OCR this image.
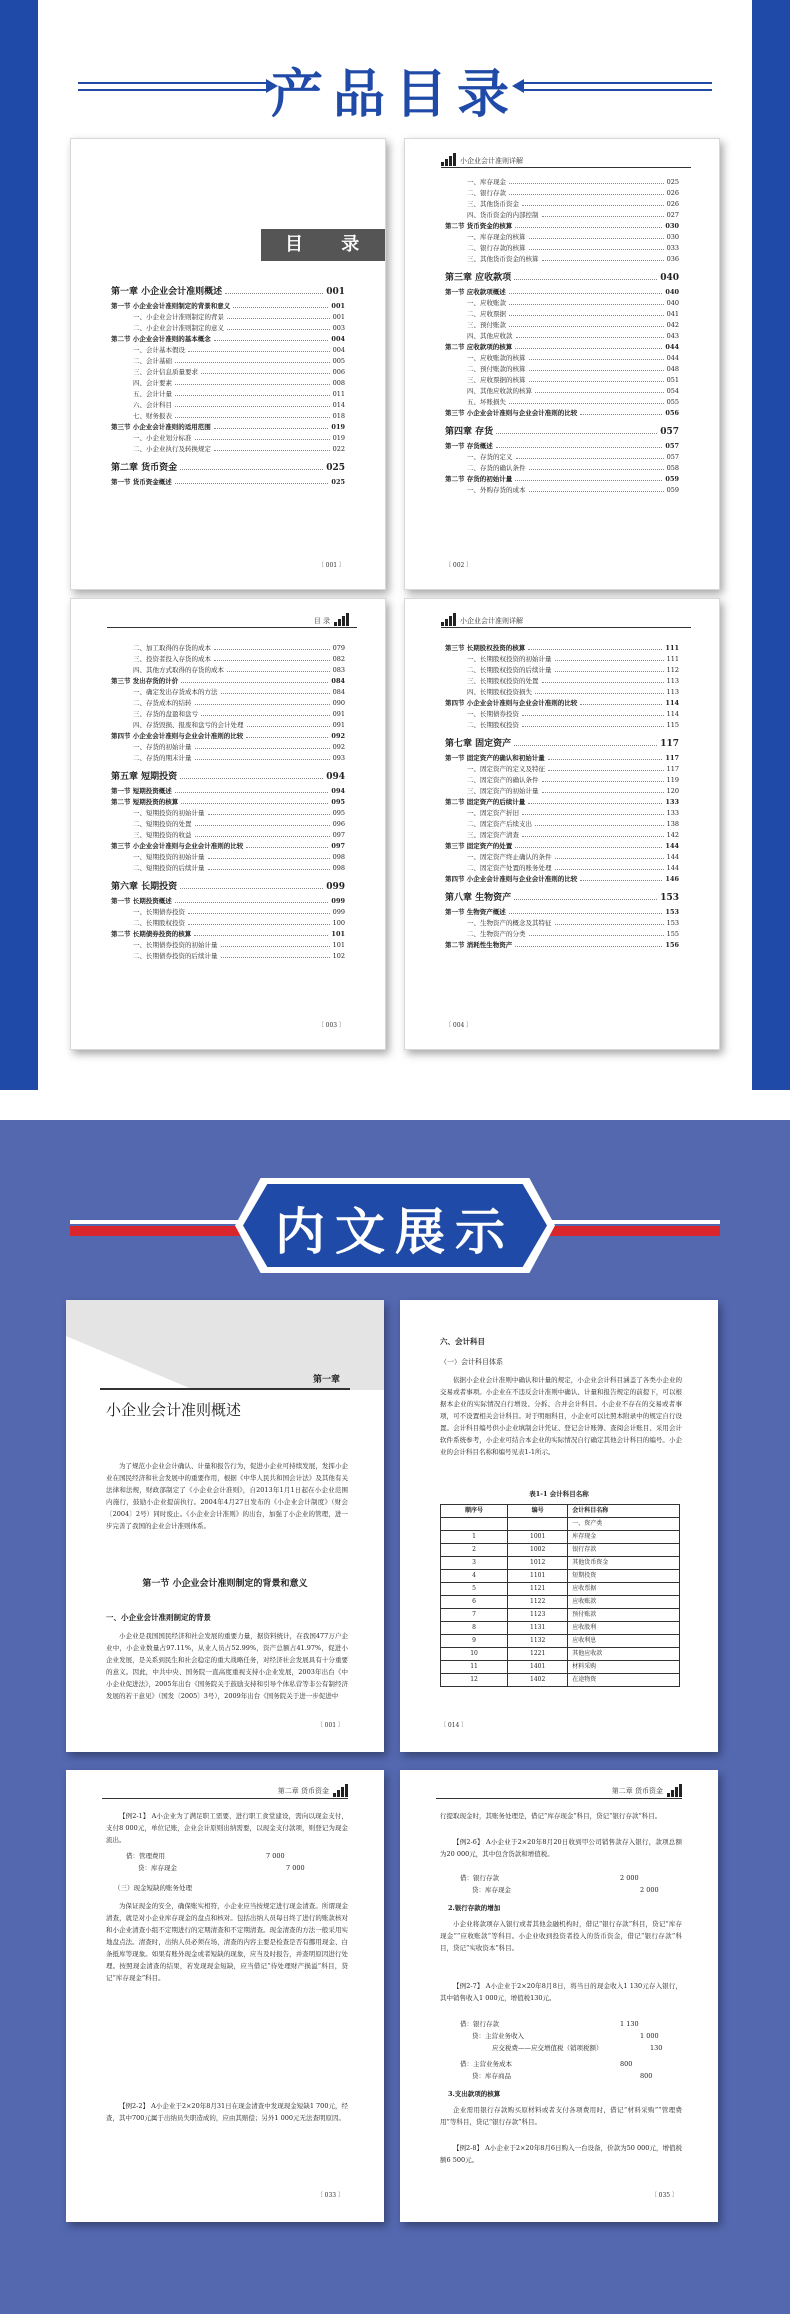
产品目录
目 录
第一章 小企业会计准则概述	001
第一节 小企业会计准则制定的背景和意义	001
一、小企业会计准则制定的背景	001
二、小企业会计准则制定的意义	003
第二节 小企业会计准则的基本概念	004
一、会计基本假设	004
二、会计基础	005
三、会计信息质量要求	006
四、会计要素	008
五、会计计量	011
六、会计科目	014
七、财务报表	018
第三节 小企业会计准则的适用范围	019
一、小企业划分标准	019
二、小企业执行及转换规定	022
第二章 货币资金	025
第一节 货币资金概述	025
〔 001 〕
小企业会计准则详解
一、库存现金	025
二、银行存款	026
三、其他货币资金	026
四、货币资金的内部控制	027
第二节 货币资金的核算	030
一、库存现金的核算	030
二、银行存款的核算	033
三、其他货币资金的核算	036
第三章 应收款项	040
第一节 应收款项概述	040
一、应收账款	040
二、应收票据	041
三、预付账款	042
四、其他应收款	043
第二节 应收款项的核算	044
一、应收账款的核算	044
二、预付账款的核算	048
三、应收票据的核算	051
四、其他应收款的核算	054
五、坏账损失	055
第三节 小企业会计准则与企业会计准则的比较	056
第四章 存货	057
第一节 存货概述	057
一、存货的定义	057
二、存货的确认条件	058
第二节 存货的初始计量	059
一、外购存货的成本	059
〔 002 〕
目 录
二、加工取得的存货的成本	079
三、投资者投入存货的成本	082
四、其他方式取得的存货的成本	083
第三节 发出存货的计价	084
一、确定发出存货成本的方法	084
二、存货成本的结转	090
三、存货的盘盈和盘亏	091
四、存货毁损、报废和盘亏的会计处理	091
第四节 小企业会计准则与企业会计准则的比较	092
一、存货的初始计量	092
二、存货的期末计量	093
第五章 短期投资	094
第一节 短期投资概述	094
第二节 短期投资的核算	095
一、短期投资的初始计量	095
二、短期投资的处置	096
三、短期投资的收益	097
第三节 小企业会计准则与企业会计准则的比较	097
一、短期投资的初始计量	098
二、短期投资的后续计量	098
第六章 长期投资	099
第一节 长期投资概述	099
一、长期债券投资	099
二、长期股权投资	100
第二节 长期债券投资的核算	101
一、长期债券投资的初始计量	101
二、长期债券投资的后续计量	102
〔 003 〕
小企业会计准则详解
第三节 长期股权投资的核算	111
一、长期股权投资的初始计量	111
二、长期股权投资的后续计量	112
三、长期股权投资的处置	113
四、长期股权投资损失	113
第四节 小企业会计准则与企业会计准则的比较	114
一、长期债券投资	114
二、长期股权投资	115
第七章 固定资产	117
第一节 固定资产的确认和初始计量	117
一、固定资产的定义及特征	117
二、固定资产的确认条件	119
三、固定资产的初始计量	120
第二节 固定资产的后续计量	133
一、固定资产折旧	133
二、固定资产后续支出	138
三、固定资产清查	142
第三节 固定资产的处置	144
一、固定资产终止确认的条件	144
二、固定资产处置的账务处理	144
第四节 小企业会计准则与企业会计准则的比较	146
第八章 生物资产	153
第一节 生物资产概述	153
一、生物资产的概念及其特征	153
二、生物资产的分类	155
第二节 消耗性生物资产	156
〔 004 〕
内文展示
第一章
小企业会计准则概述
为了规范小企业会计确认、计量和报告行为，促进小企业可持续发展，发挥小企业在国民经济和社会发展中的重要作用，根据《中华人民共和国会计法》及其他有关法律和法规，财政部制定了《小企业会计准则》，自2013年1月1日起在小企业范围内施行，鼓励小企业提前执行。2004年4月27日发布的《小企业会计制度》（财会〔2004〕2号）同时废止。《小企业会计准则》的出台，加强了小企业的管理，进一步完善了我国的企业会计准则体系。
第一节 小企业会计准则制定的背景和意义
一、小企业会计准则制定的背景
小企业是我国国民经济和社会发展的重要力量，据资料统计，在我国477万户企业中，小企业数量占97.11%，从业人员占52.99%，资产总额占41.97%，促进小企业发展，是关系到民生和社会稳定的重大战略任务，对经济社会发展具有十分重要的意义。因此，中共中央、国务院一直高度重视支持小企业发展，2003年出台《中小企业促进法》，2005年出台《国务院关于鼓励支持和引导个体私营等非公有制经济发展的若干意见》（国发〔2005〕3号），2009年出台《国务院关于进一步促进中
〔 001 〕
六、会计科目
（一）会计科目体系
依据小企业会计准则中确认和计量的规定，小企业会计科目涵盖了各类小企业的交易或者事项。小企业在不违反会计准则中确认、计量和报告规定的前提下，可以根据本企业的实际情况自行增设、分拆、合并会计科目。小企业不存在的交易或者事项，可不设置相关会计科目。对于明细科目，小企业可以比照本附录中的规定自行设置。会计科目编号供小企业填制会计凭证、登记会计账簿、查阅会计账目、采用会计软件系统参考，小企业可结合本企业的实际情况自行确定其他会计科目的编号。小企业的会计科目名称和编号见表1-1所示。
表1-1 会计科目名称
顺序号	编号	会计科目名称
		一、资产类
1	1001	库存现金
2	1002	银行存款
3	1012	其他货币资金
4	1101	短期投资
5	1121	应收票据
6	1122	应收账款
7	1123	预付账款
8	1131	应收股利
9	1132	应收利息
10	1221	其他应收款
11	1401	材料采购
12	1402	在途物资
〔 014 〕
第二章 货币资金
【例2-1】 A小企业为了满足职工需要，进行职工食堂建设，需向以现金支付，支付8 000元，单位记账，企业会计原则出纳需要，以现金支付款项，则登记为现金流出。
借：管理费用	7 000
贷：库存现金	7 000
（三）现金短缺的账务处理
为保证现金的安全，确保账实相符，小企业应当按规定进行现金清查。所谓现金清查，就是对小企业库存现金的盘点和核对。包括出纳人员每日终了进行的账款核对和小企业清查小组不定期进行的定期清查和不定期清查。现金清查的方法一般采用实地盘点法。清查时，出纳人员必须在场，清查的内容主要是检查是否有挪用现金、白条抵库等现象。如果有账外现金或者短缺的现象，应当及时报告，并查明原因进行处理。按照现金清查的结果，若发现现金短缺，应当借记“待处理财产损溢”科目，贷记“库存现金”科目。
【例2-2】 A小企业于2×20年8月31日在现金清查中发现现金短缺1 700元，经查，其中700元属于出纳员失职造成的，应由其赔偿；另外1 000元无法查明原因。
〔 033 〕
第二章 货币资金
行提取现金时，其账务处理是，借记“库存现金”科目，贷记“银行存款”科目。
【例2-6】 A小企业于2×20年8月20日收到甲公司销售款存入银行，款项总额为20 000元，其中包含货款和增值税。
借：银行存款	2 000
贷：库存现金	2 000
2.银行存款的增加
小企业将款项存入银行或者其他金融机构时，借记“银行存款”科目，贷记“库存现金”“应收账款”等科目。小企业收到投资者投入的货币资金，借记“银行存款”科目，贷记“实收资本”科目。
【例2-7】 A小企业于2×20年8月8日，将当日的现金收入1 130元存入银行，其中销售收入1 000元，增值税130元。
借：银行存款	1 130
贷：主营业务收入	1 000
应交税费——应交增值税（销项税额）	130
借：主营业务成本	800
贷：库存商品	800
3.支出款项的核算
企业需用银行存款购买原材料或者支付各项费用时，借记“材料采购”“管理费用”等科目，贷记“银行存款”科目。
【例2-8】 A小企业于2×20年8月6日购入一台设备，价款为50 000元，增值税额6 500元。
〔 035 〕
